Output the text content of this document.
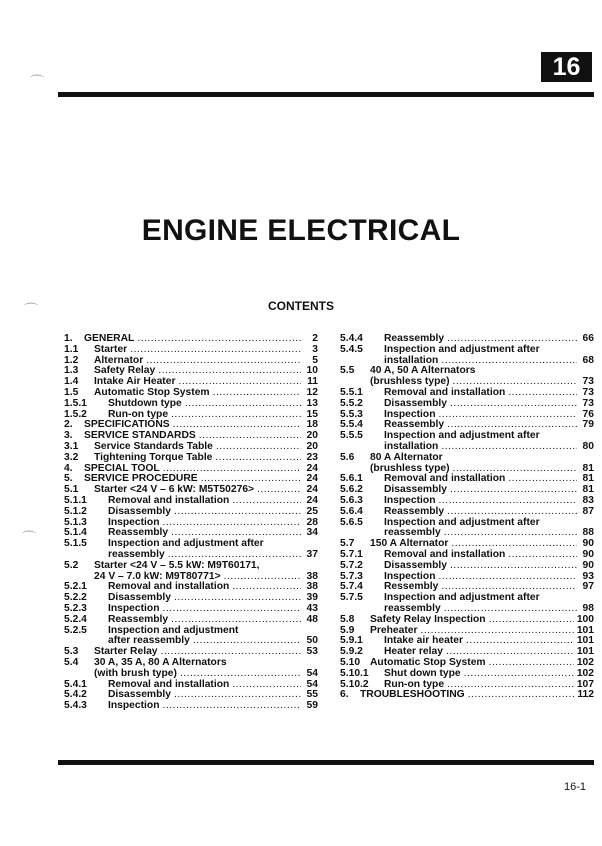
16
ENGINE ELECTRICAL
CONTENTS
1.	GENERAL .....	2
1.1	Starter .....	3
1.2	Alternator .....	5
1.3	Safety Relay .....	10
1.4	Intake Air Heater .....	11
1.5	Automatic Stop System .....	12
1.5.1	Shutdown type .....	13
1.5.2	Run-on type .....	15
2.	SPECIFICATIONS .....	18
3.	SERVICE STANDARDS .....	20
3.1	Service Standards Table .....	20
3.2	Tightening Torque Table .....	23
4.	SPECIAL TOOL .....	24
5.	SERVICE PROCEDURE .....	24
5.1	Starter <24 V – 6 kW: M5T50276> .....	24
5.1.1	Removal and installation .....	24
5.1.2	Disassembly .....	25
5.1.3	Inspection .....	28
5.1.4	Reassembly .....	34
5.1.5	Inspection and adjustment after
reassembly .....	37
5.2	Starter <24 V – 5.5 kW: M9T60171,
24 V – 7.0 kW: M9T80771> .....	38
5.2.1	Removal and installation .....	38
5.2.2	Disassembly .....	39
5.2.3	Inspection .....	43
5.2.4	Reassembly .....	48
5.2.5	Inspection and adjustment
after reassembly .....	50
5.3	Starter Relay .....	53
5.4	30 A, 35 A, 80 A Alternators
(with brush type) .....	54
5.4.1	Removal and installation .....	54
5.4.2	Disassembly .....	55
5.4.3	Inspection .....	59
5.4.4	Reassembly .....	66
5.4.5	Inspection and adjustment after
installation .....	68
5.5	40 A, 50 A Alternators
(brushless type) .....	73
5.5.1	Removal and installation .....	73
5.5.2	Disassembly .....	73
5.5.3	Inspection .....	76
5.5.4	Reassembly .....	79
5.5.5	Inspection and adjustment after
installation .....	80
5.6	80 A Alternator
(brushless type) .....	81
5.6.1	Removal and installation .....	81
5.6.2	Disassembly .....	81
5.6.3	Inspection .....	83
5.6.4	Reassembly .....	87
5.6.5	Inspection and adjustment after
reassembly .....	88
5.7	150 A Alternator .....	90
5.7.1	Removal and installation .....	90
5.7.2	Disassembly .....	90
5.7.3	Inspection .....	93
5.7.4	Ressembly .....	97
5.7.5	Inspection and adjustment after
reassembly .....	98
5.8	Safety Relay Inspection .....	100
5.9	Preheater .....	101
5.9.1	Intake air heater .....	101
5.9.2	Heater relay .....	101
5.10 Automatic Stop System .....	102
5.10.1	Shut down type .....	102
5.10.2	Run-on type .....	107
6.	TROUBLESHOOTING .....	112
16-1
⌒
⌒
⌒
